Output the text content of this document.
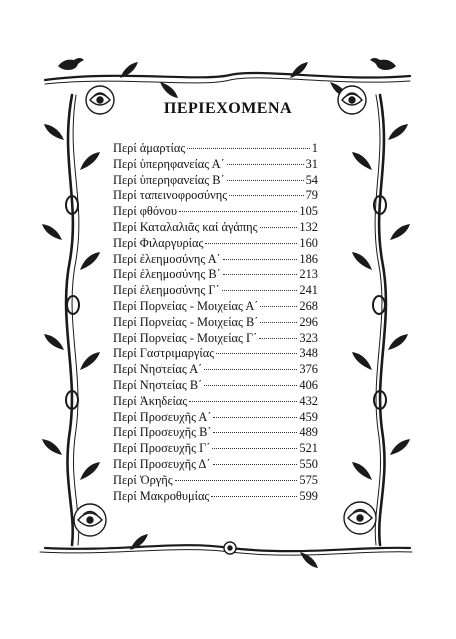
ΠΕΡΙΕΧΟΜΕΝΑ
Περί ἁμαρτίας	1
Περί ὑπερηφανείας Α΄	31
Περί ὑπερηφανείας Β΄	54
Περί ταπεινοφροσύνης	79
Περί φθόνου	105
Περί Καταλαλιᾶς καί ἀγάπης	132
Περί Φιλαργυρίας	160
Περί ἐλεημοσύνης Α΄	186
Περί ἐλεημοσύνης Β΄	213
Περί ἐλεημοσύνης Γ΄	241
Περί Πορνείας - Μοιχείας Α΄	268
Περί Πορνείας - Μοιχείας Β΄	296
Περί Πορνείας - Μοιχείας Γ΄	323
Περί Γαστριμαργίας	348
Περί Νηστείας Α΄	376
Περί Νηστείας Β΄	406
Περί Ἀκηδείας	432
Περί Προσευχῆς Α΄	459
Περί Προσευχῆς Β΄	489
Περί Προσευχῆς Γ΄	521
Περί Προσευχῆς Δ΄	550
Περί Ὀργῆς	575
Περί Μακροθυμίας	599
